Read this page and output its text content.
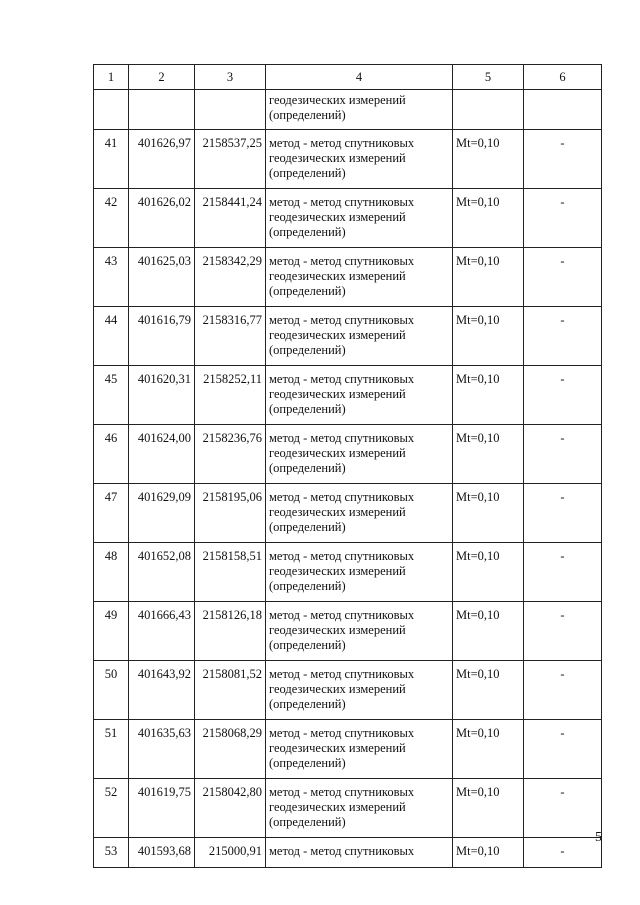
1	2	3	4	5	6

			геодезических измерений
(определений)		

41	401626,97	2158537,25	метод - метод спутниковых
геодезических измерений
(определений)	Mt=0,10	-
42	401626,02	2158441,24	метод - метод спутниковых
геодезических измерений
(определений)	Mt=0,10	-
43	401625,03	2158342,29	метод - метод спутниковых
геодезических измерений
(определений)	Mt=0,10	-
44	401616,79	2158316,77	метод - метод спутниковых
геодезических измерений
(определений)	Mt=0,10	-
45	401620,31	2158252,11	метод - метод спутниковых
геодезических измерений
(определений)	Mt=0,10	-
46	401624,00	2158236,76	метод - метод спутниковых
геодезических измерений
(определений)	Mt=0,10	-
47	401629,09	2158195,06	метод - метод спутниковых
геодезических измерений
(определений)	Mt=0,10	-
48	401652,08	2158158,51	метод - метод спутниковых
геодезических измерений
(определений)	Mt=0,10	-
49	401666,43	2158126,18	метод - метод спутниковых
геодезических измерений
(определений)	Mt=0,10	-
50	401643,92	2158081,52	метод - метод спутниковых
геодезических измерений
(определений)	Mt=0,10	-
51	401635,63	2158068,29	метод - метод спутниковых
геодезических измерений
(определений)	Mt=0,10	-
52	401619,75	2158042,80	метод - метод спутниковых
геодезических измерений
(определений)	Mt=0,10	-
53	401593,68	215000,91	метод - метод спутниковых	Mt=0,10	-
5
